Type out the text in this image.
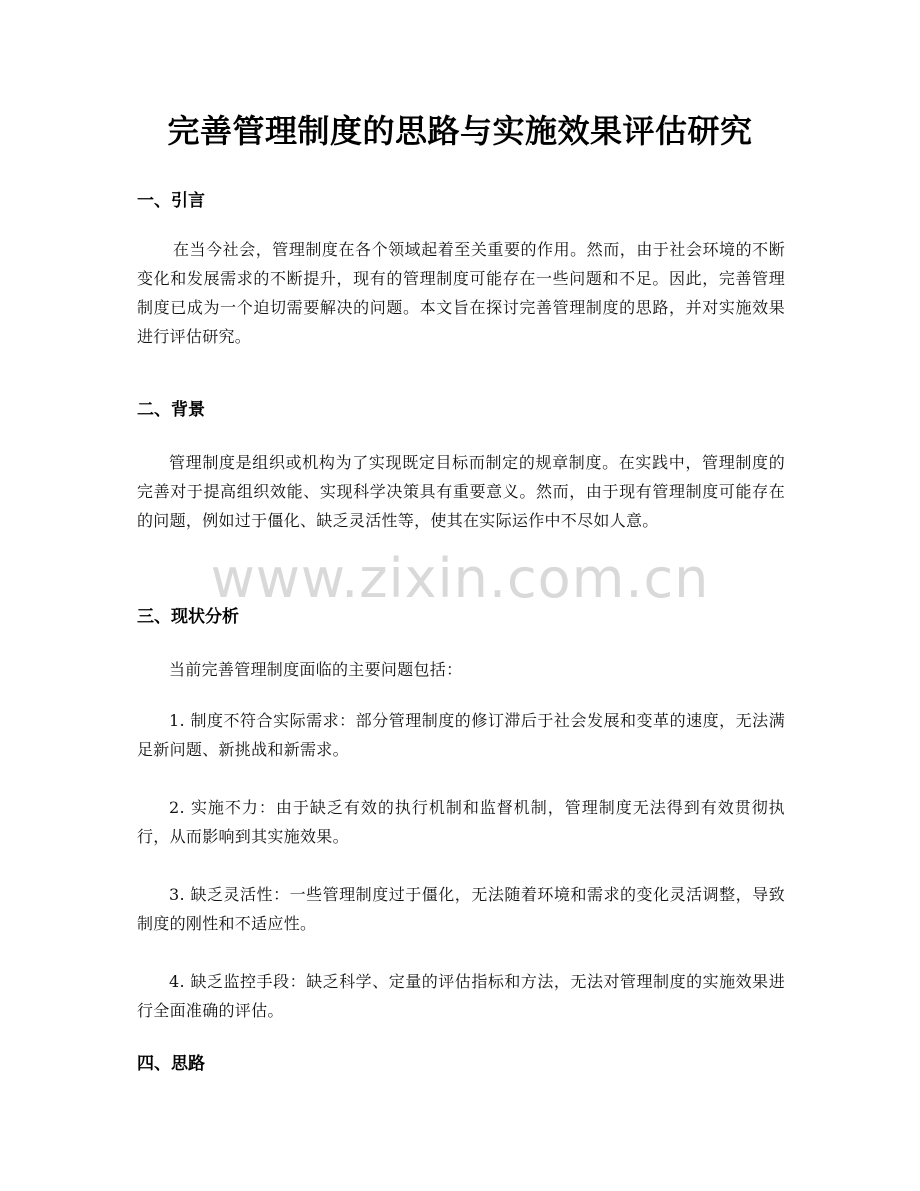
www.zixin.com.cn
完善管理制度的思路与实施效果评估研究
一、引言

在当今社会，管理制度在各个领域起着至关重要的作用。然而，由于社会环境的不断变化和发展需求的不断提升，现有的管理制度可能存在一些问题和不足。因此，完善管理制度已成为一个迫切需要解决的问题。本文旨在探讨完善管理制度的思路，并对实施效果进行评估研究。

二、背景

管理制度是组织或机构为了实现既定目标而制定的规章制度。在实践中，管理制度的完善对于提高组织效能、实现科学决策具有重要意义。然而，由于现有管理制度可能存在的问题，例如过于僵化、缺乏灵活性等，使其在实际运作中不尽如人意。

三、现状分析

当前完善管理制度面临的主要问题包括：

1. 制度不符合实际需求：部分管理制度的修订滞后于社会发展和变革的速度，无法满足新问题、新挑战和新需求。

2. 实施不力：由于缺乏有效的执行机制和监督机制，管理制度无法得到有效贯彻执行，从而影响到其实施效果。

3. 缺乏灵活性：一些管理制度过于僵化，无法随着环境和需求的变化灵活调整，导致制度的刚性和不适应性。

4. 缺乏监控手段：缺乏科学、定量的评估指标和方法，无法对管理制度的实施效果进行全面准确的评估。

四、思路
